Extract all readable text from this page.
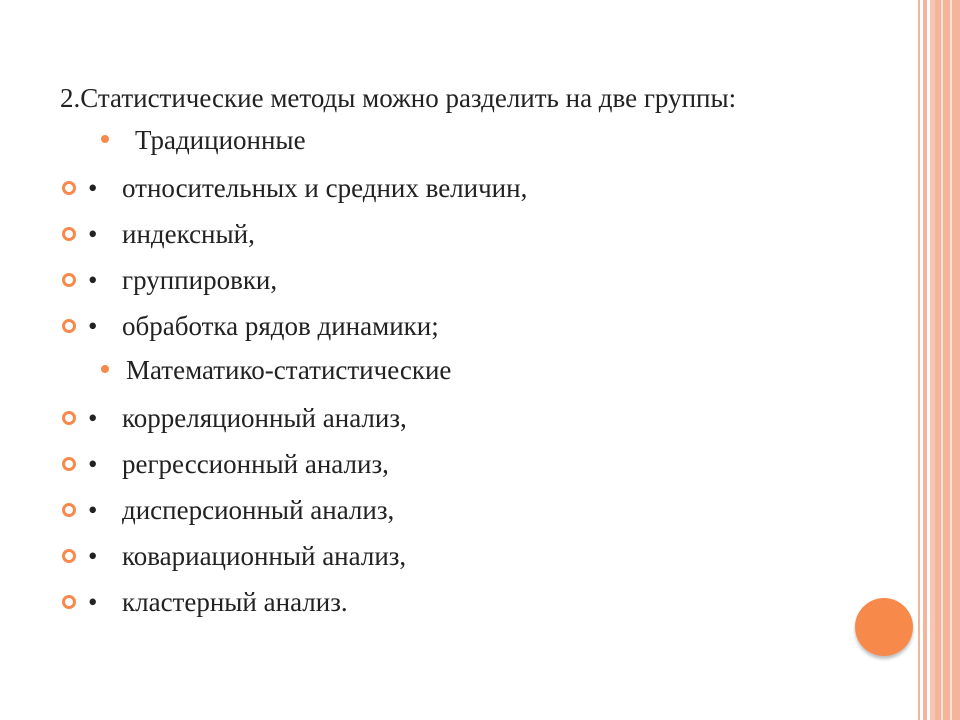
2.Статистические методы можно разделить на две группы:
Традиционные
• относительных и средних величин,
• индексный,
• группировки,
• обработка рядов динамики;
Математико-статистические
• корреляционный анализ,
• регрессионный анализ,
• дисперсионный анализ,
• ковариационный анализ,
• кластерный анализ.
